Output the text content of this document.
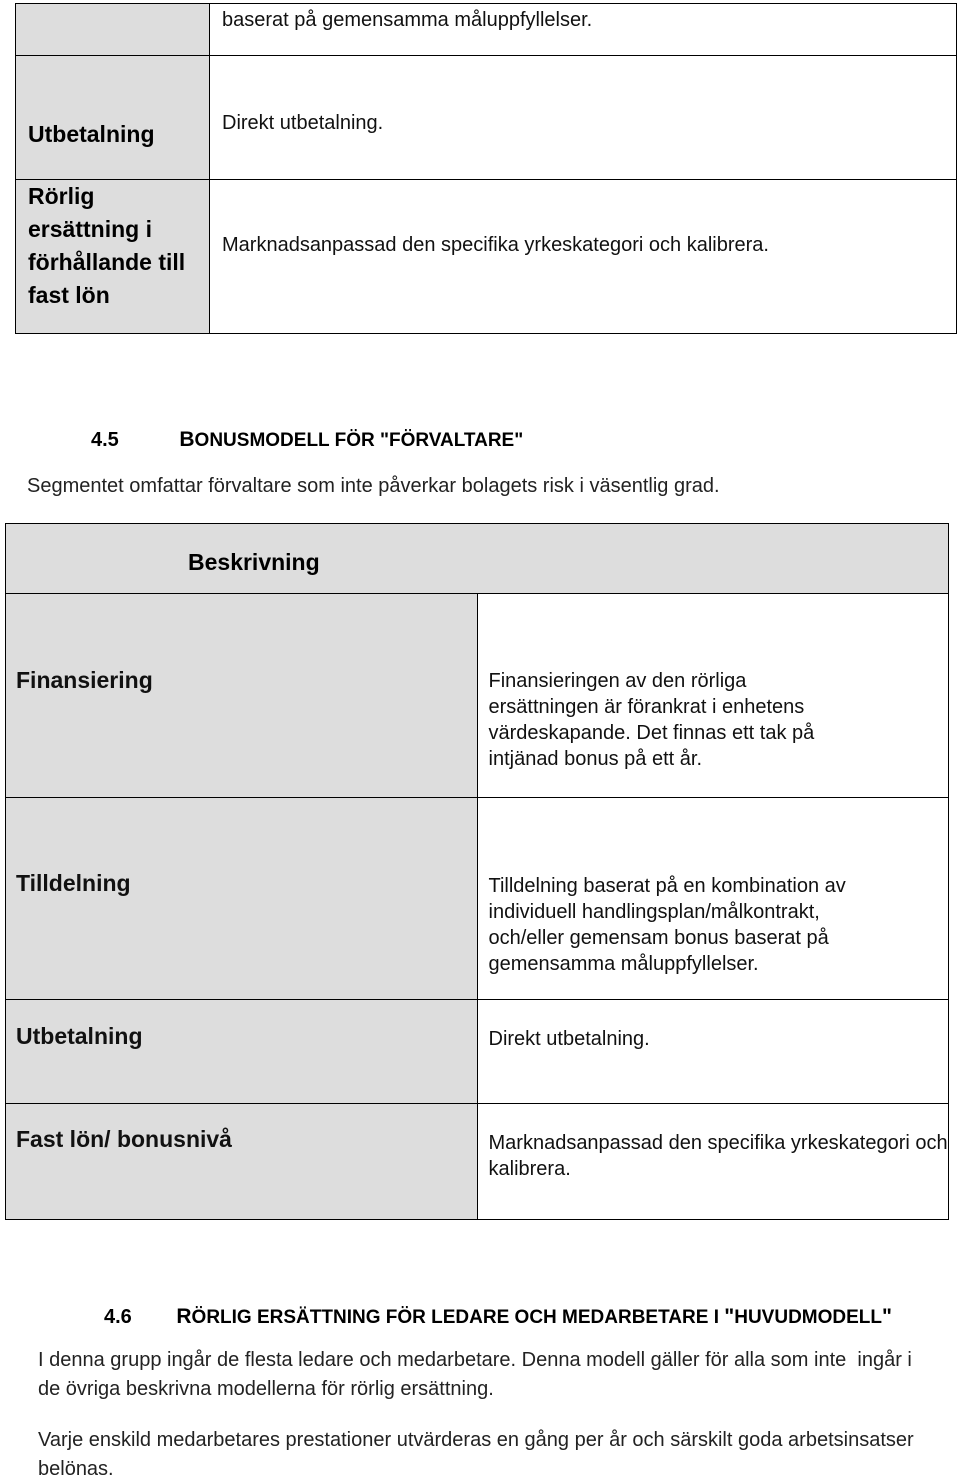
	baserat på gemensamma måluppfyllelser.
Utbetalning	Direkt utbetalning.
Rörlig ersättning i förhållande till fast lön	Marknadsanpassad den specifika yrkeskategori och kalibrera.
4.5	BONUSMODELL FÖR "FÖRVALTARE"
Segmentet omfattar förvaltare som inte påverkar bolagets risk i väsentlig grad.
Beskrivning	
Finansiering	Finansieringen av den rörliga ersättningen är förankrat i enhetens värdeskapande. Det finnas ett tak på intjänad bonus på ett år.
Tilldelning	Tilldelning baserat på en kombination av individuell handlingsplan/målkontrakt, och/eller gemensam bonus baserat på gemensamma måluppfyllelser.
Utbetalning	Direkt utbetalning.
Fast lön/ bonusnivå	Marknadsanpassad den specifika yrkeskategori och kalibrera.
4.6 RÖRLIG ERSÄTTNING FÖR LEDARE OCH MEDARBETARE I "HUVUDMODELL"
I denna grupp ingår de flesta ledare och medarbetare. Denna modell gäller för alla som inte  ingår i de övriga beskrivna modellerna för rörlig ersättning.
Varje enskild medarbetares prestationer utvärderas en gång per år och särskilt goda arbetsinsatser belönas.
